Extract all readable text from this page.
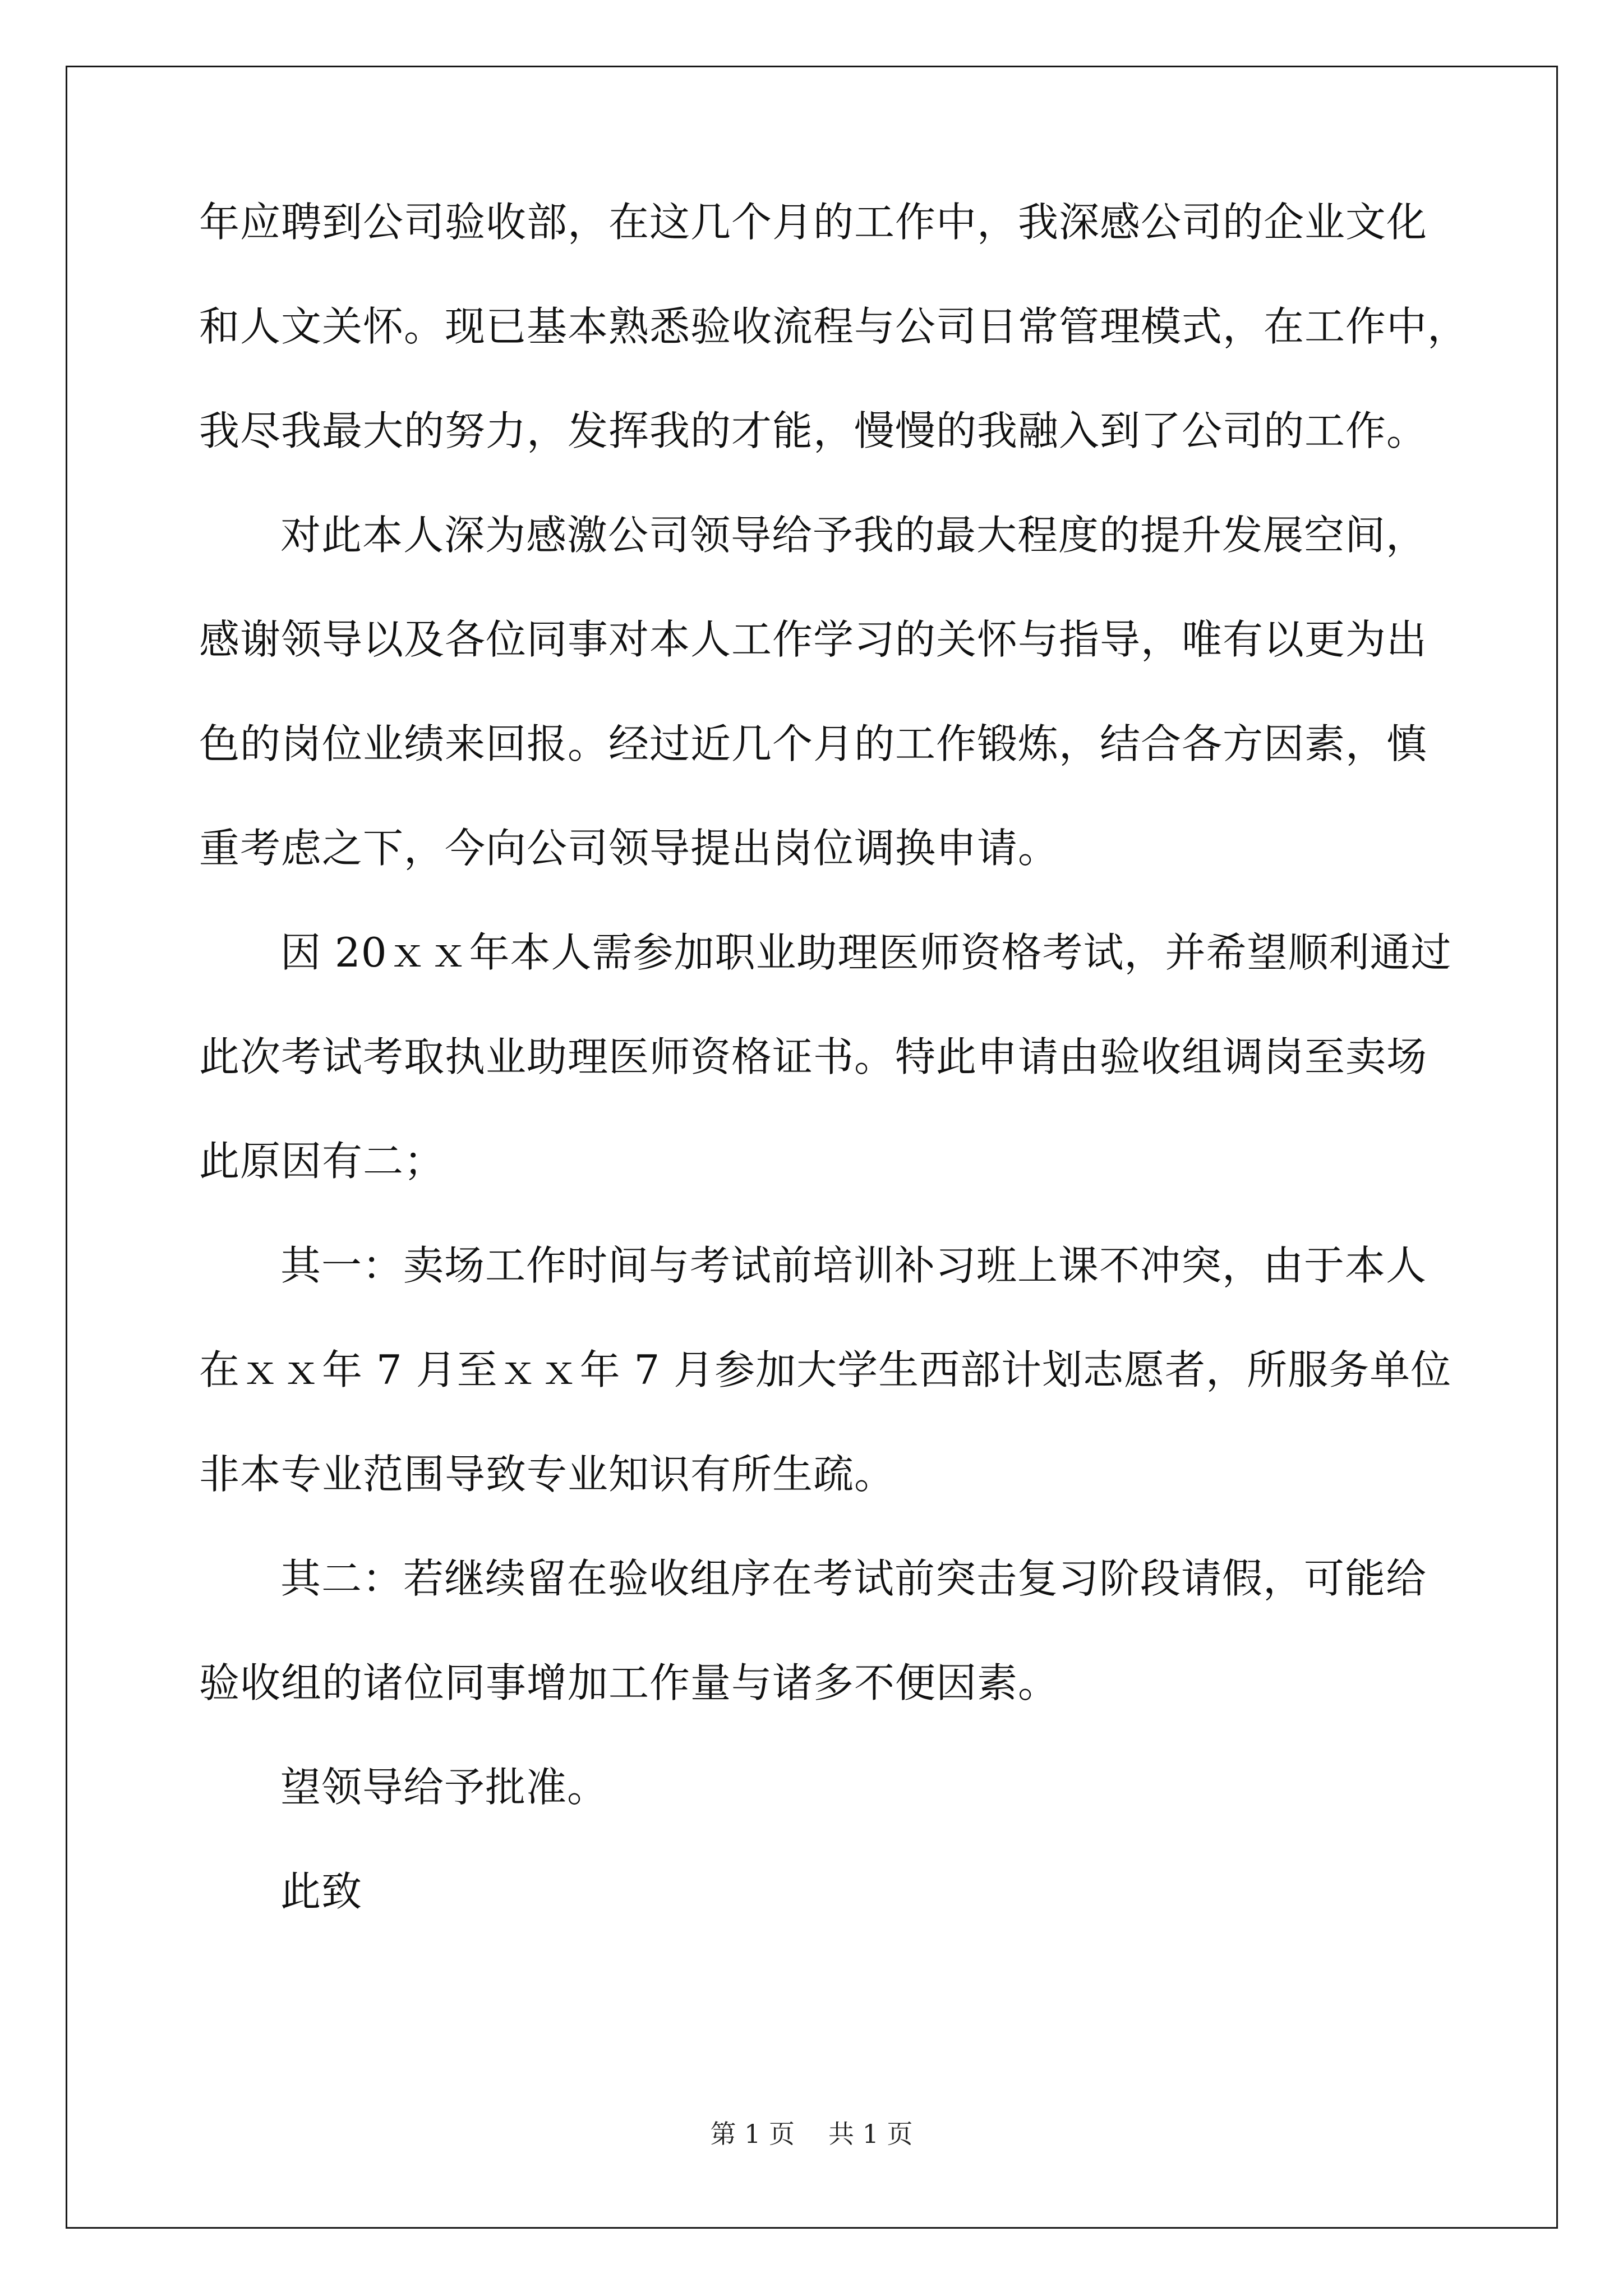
年应聘到公司验收部，在这几个月的工作中，我深感公司的企业文化
和人文关怀。现已基本熟悉验收流程与公司日常管理模式，在工作中，
我尽我最大的努力，发挥我的才能，慢慢的我融入到了公司的工作。
对此本人深为感激公司领导给予我的最大程度的提升发展空间，
感谢领导以及各位同事对本人工作学习的关怀与指导，唯有以更为出
色的岗位业绩来回报。经过近几个月的工作锻炼，结合各方因素，慎
重考虑之下，今向公司领导提出岗位调换申请。
因 20ｘｘ年本人需参加职业助理医师资格考试，并希望顺利通过
此次考试考取执业助理医师资格证书。特此申请由验收组调岗至卖场
此原因有二；
其一：卖场工作时间与考试前培训补习班上课不冲突，由于本人
在ｘｘ年 7 月至ｘｘ年 7 月参加大学生西部计划志愿者，所服务单位
非本专业范围导致专业知识有所生疏。
其二：若继续留在验收组序在考试前突击复习阶段请假，可能给
验收组的诸位同事增加工作量与诸多不便因素。
望领导给予批准。
此致
第 1 页 共 1 页
